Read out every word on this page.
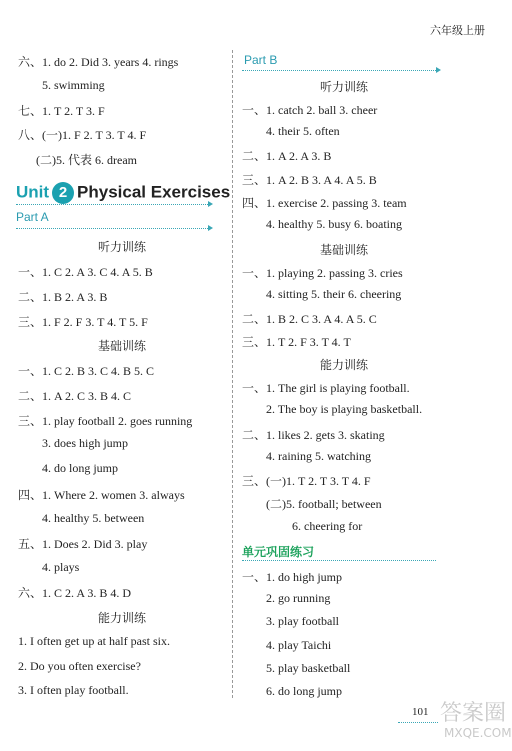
六年级上册
六、1. do 2. Did 3. years 4. rings
5. swimming
七、1. T 2. T 3. F
八、(一)1. F 2. T 3. T 4. F
(二)5. 代表 6. dream
一、1. C 2. A 3. C 4. A 5. B
二、1. B 2. A 3. B
三、1. F 2. F 3. T 4. T 5. F
一、1. C 2. B 3. C 4. B 5. C
二、1. A 2. C 3. B 4. C
三、1. play football 2. goes running
3. does high jump
4. do long jump
四、1. Where 2. women 3. always
4. healthy 5. between
五、1. Does 2. Did 3. play
4. plays
六、1. C 2. A 3. B 4. D
1. I often get up at half past six.
2. Do you often exercise?
3. I often play football.
Unit 2 Physical Exercises
Part A
听力训练
基础训练
能力训练
Part B
听力训练
基础训练
能力训练
单元巩固练习
一、1. catch 2. ball 3. cheer
4. their 5. often
二、1. A 2. A 3. B
三、1. A 2. B 3. A 4. A 5. B
四、1. exercise 2. passing 3. team
4. healthy 5. busy 6. boating
一、1. playing 2. passing 3. cries
4. sitting 5. their 6. cheering
二、1. B 2. C 3. A 4. A 5. C
三、1. T 2. F 3. T 4. T
一、1. The girl is playing football.
2. The boy is playing basketball.
二、1. likes 2. gets 3. skating
4. raining 5. watching
三、(一)1. T 2. T 3. T 4. F
(二)5. football; between
6. cheering for
一、1. do high jump
2. go running
3. play football
4. play Taichi
5. play basketball
6. do long jump
101 答案圈
MXQE.COM
